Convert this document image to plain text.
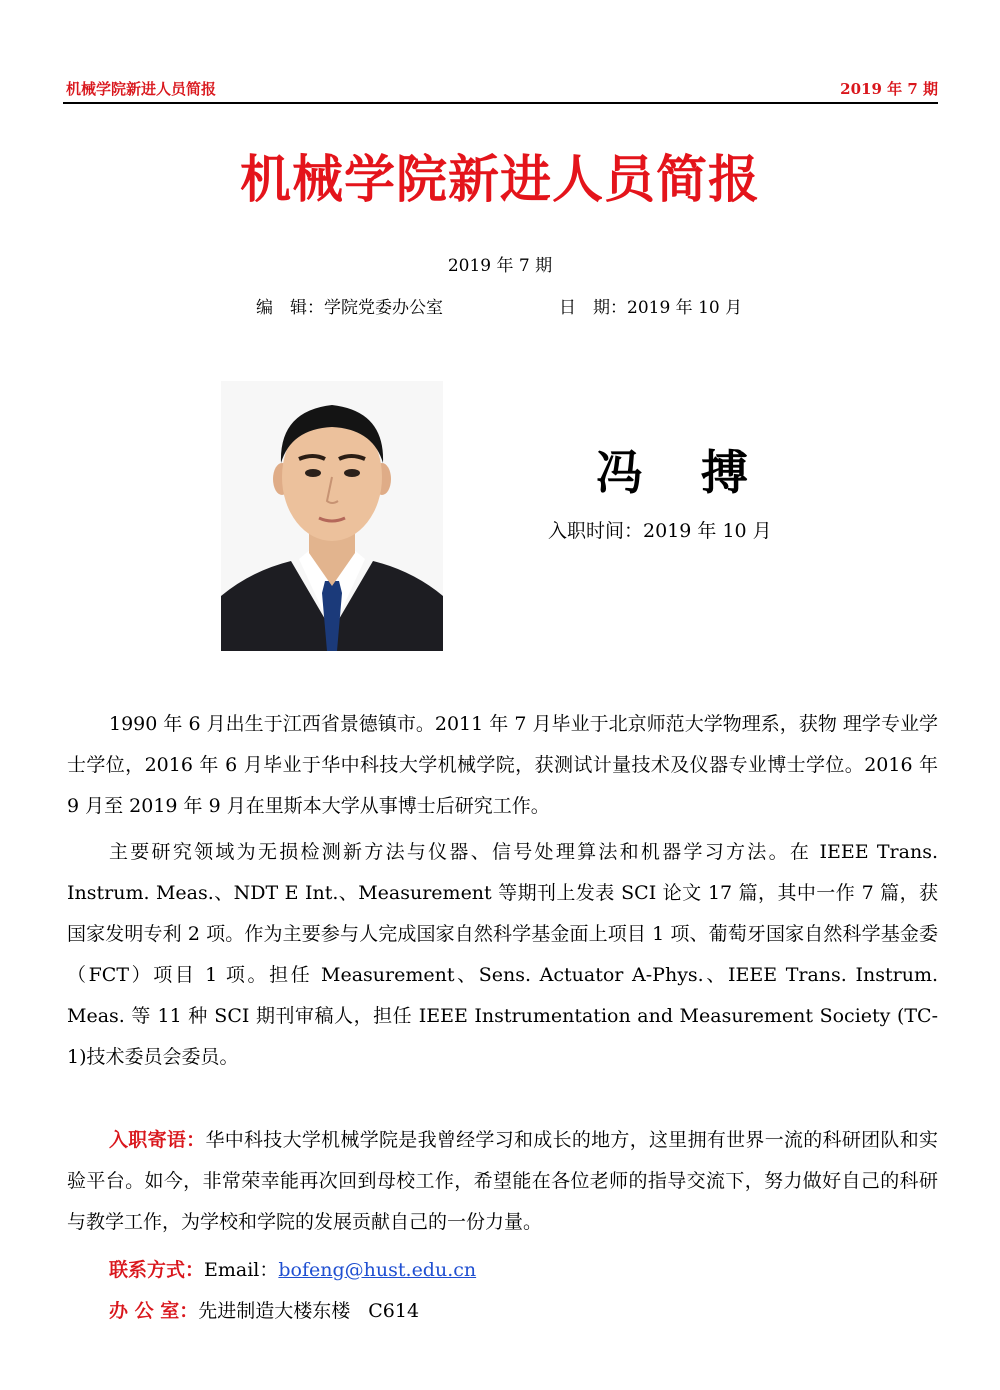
机械学院新进人员简报	2019 年 7 期
机械学院新进人员简报
2019 年 7 期
编　辑：学院党委办公室	日　期：2019 年 10 月
冯 搏
入职时间：2019 年 10 月
1990 年 6 月出生于江西省景德镇市。2011 年 7 月毕业于北京师范大学物理系，获物 理学专业学士学位，2016 年 6 月毕业于华中科技大学机械学院，获测试计量技术及仪器专业博士学位。2016 年 9 月至 2019 年 9 月在里斯本大学从事博士后研究工作。
主要研究领域为无损检测新方法与仪器、信号处理算法和机器学习方法。在 IEEE Trans. Instrum. Meas.、NDT E Int.、Measurement 等期刊上发表 SCI 论文 17 篇，其中一作 7 篇，获国家发明专利 2 项。作为主要参与人完成国家自然科学基金面上项目 1 项、葡萄牙国家自然科学基金委（FCT）项目 1 项。担任 Measurement、Sens. Actuator A-Phys.、IEEE Trans. Instrum. Meas. 等 11 种 SCI 期刊审稿人，担任 IEEE Instrumentation and Measurement Society (TC-1)技术委员会委员。
入职寄语：华中科技大学机械学院是我曾经学习和成长的地方，这里拥有世界一流的科研团队和实验平台。如今，非常荣幸能再次回到母校工作，希望能在各位老师的指导交流下，努力做好自己的科研与教学工作，为学校和学院的发展贡献自己的一份力量。
联系方式：Email：bofeng@hust.edu.cn
办 公 室：先进制造大楼东楼 C614
